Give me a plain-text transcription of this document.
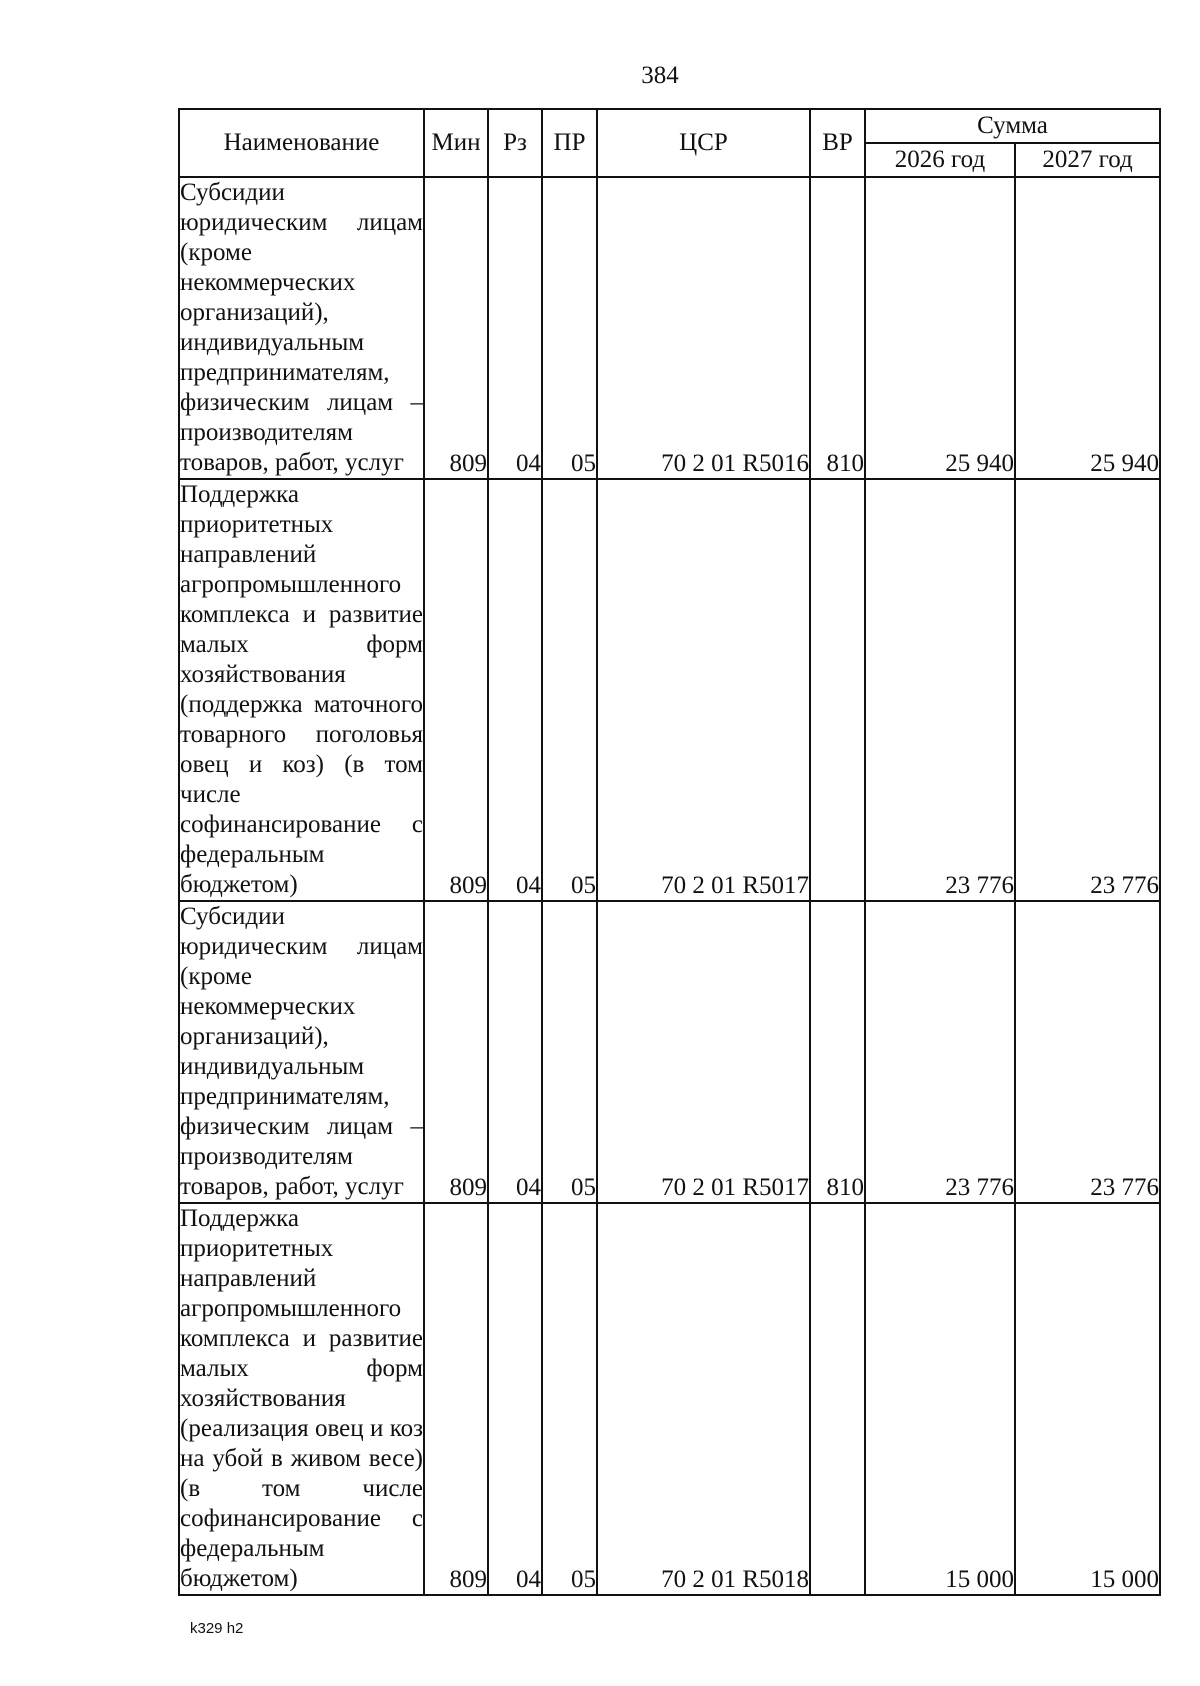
384
Наименование	Мин	Рз	ПР	ЦСР	ВР	Сумма	
						2026 год	2027 год
Субсидии юридическим лицам (кроме некоммерческих организаций), индивидуальным предпринимателям, физическим лицам – производителям товаров, работ, услуг	809	04	05	70 2 01 R5016	810	25 940	25 940
Поддержка приоритетных направлений агропромышленного комплекса и развитие малых форм хозяйствования (поддержка маточного товарного поголовья овец и коз) (в том числе софинансирование с федеральным бюджетом)	809	04	05	70 2 01 R5017		23 776	23 776
Субсидии юридическим лицам (кроме некоммерческих организаций), индивидуальным предпринимателям, физическим лицам – производителям товаров, работ, услуг	809	04	05	70 2 01 R5017	810	23 776	23 776
Поддержка приоритетных направлений агропромышленного комплекса и развитие малых форм хозяйствования (реализация овец и коз на убой в живом весе) (в том числе софинансирование с федеральным бюджетом)	809	04	05	70 2 01 R5018		15 000	15 000
k329 h2
